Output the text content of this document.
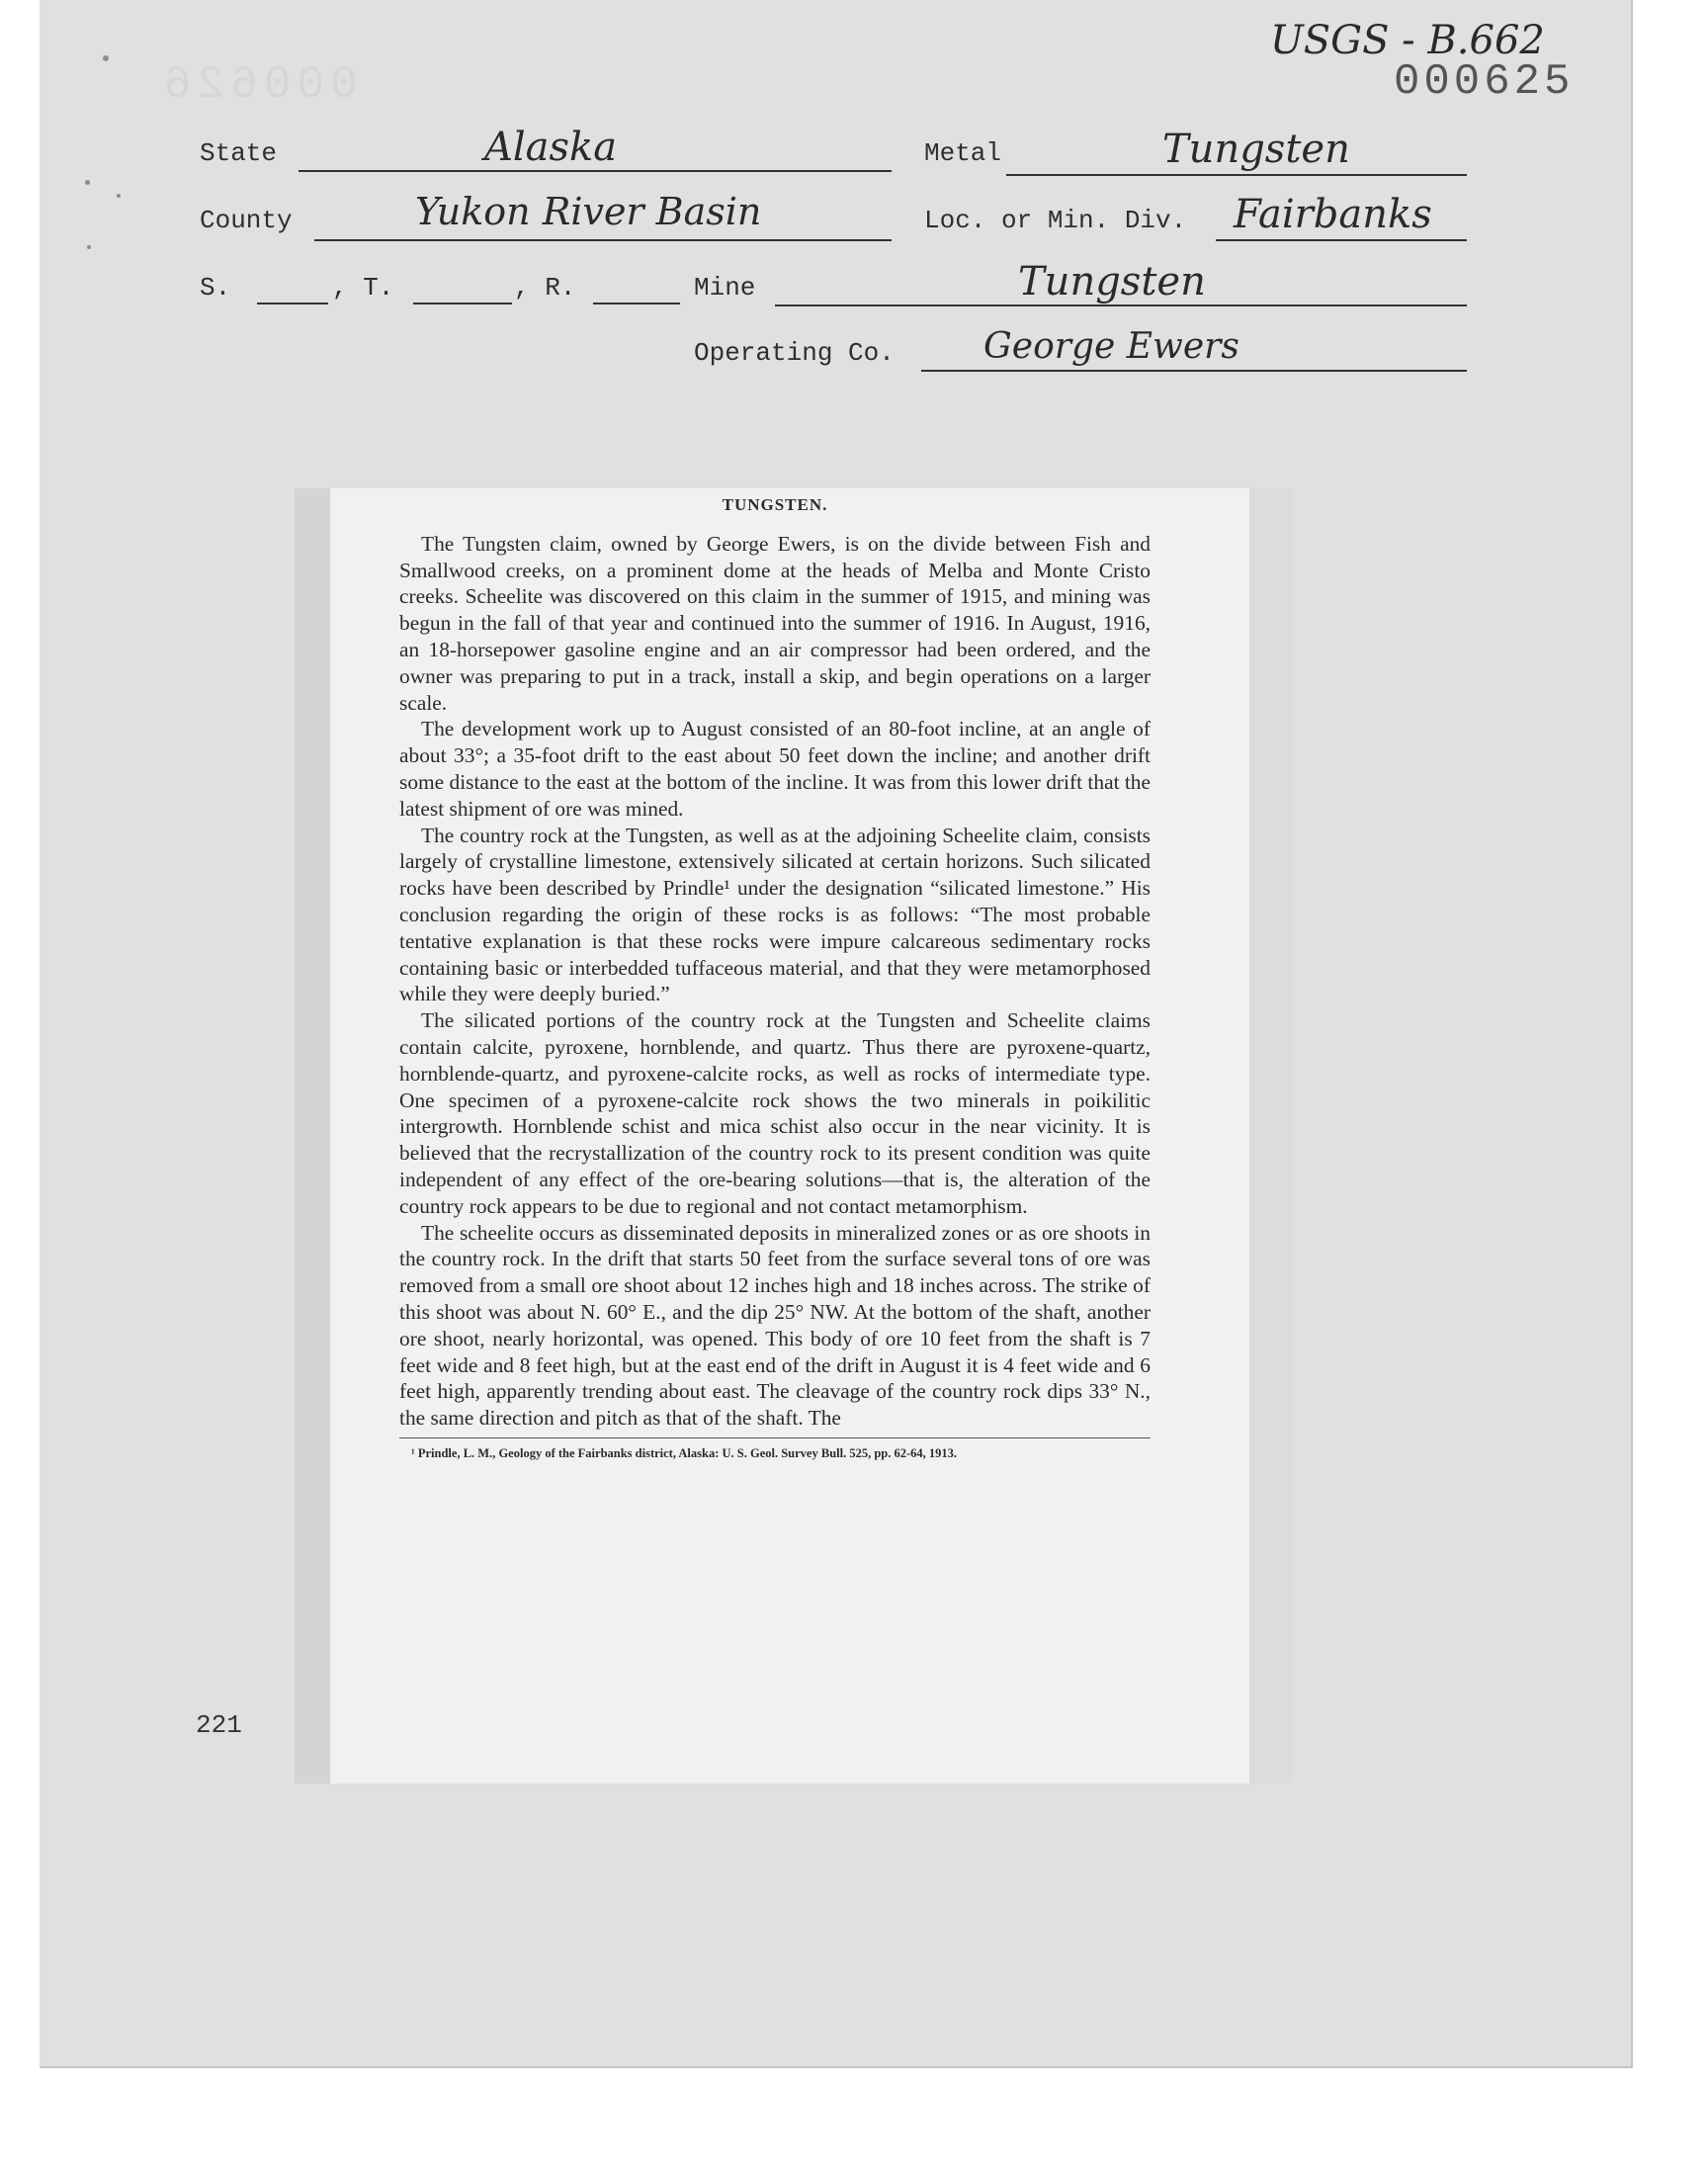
000626
USGS - B.662
000625
State	Alaska	Metal	Tungsten
County	Yukon River Basin	Loc. or Min. Div. Fairbanks
S.	, T.	, R.	Mine	Tungsten
Operating Co.	George Ewers
221
TUNGSTEN.

The Tungsten claim, owned by George Ewers, is on the divide between Fish and Smallwood creeks, on a prominent dome at the heads of Melba and Monte Cristo creeks. Scheelite was discovered on this claim in the summer of 1915, and mining was begun in the fall of that year and continued into the summer of 1916. In August, 1916, an 18-horsepower gasoline engine and an air compressor had been ordered, and the owner was preparing to put in a track, install a skip, and begin operations on a larger scale.

The development work up to August consisted of an 80-foot incline, at an angle of about 33°; a 35-foot drift to the east about 50 feet down the incline; and another drift some distance to the east at the bottom of the incline. It was from this lower drift that the latest shipment of ore was mined.

The country rock at the Tungsten, as well as at the adjoining Scheelite claim, consists largely of crystalline limestone, extensively silicated at certain horizons. Such silicated rocks have been described by Prindle¹ under the designation “silicated limestone.” His conclusion regarding the origin of these rocks is as follows: “The most probable tentative explanation is that these rocks were impure calcareous sedimentary rocks containing basic or interbedded tuffaceous material, and that they were metamorphosed while they were deeply buried.”

The silicated portions of the country rock at the Tungsten and Scheelite claims contain calcite, pyroxene, hornblende, and quartz. Thus there are pyroxene-quartz, hornblende-quartz, and pyroxene-calcite rocks, as well as rocks of intermediate type. One specimen of a pyroxene-calcite rock shows the two minerals in poikilitic intergrowth. Hornblende schist and mica schist also occur in the near vicinity. It is believed that the recrystallization of the country rock to its present condition was quite independent of any effect of the ore-bearing solutions—that is, the alteration of the country rock appears to be due to regional and not contact metamorphism.

The scheelite occurs as disseminated deposits in mineralized zones or as ore shoots in the country rock. In the drift that starts 50 feet from the surface several tons of ore was removed from a small ore shoot about 12 inches high and 18 inches across. The strike of this shoot was about N. 60° E., and the dip 25° NW. At the bottom of the shaft, another ore shoot, nearly horizontal, was opened. This body of ore 10 feet from the shaft is 7 feet wide and 8 feet high, but at the east end of the drift in August it is 4 feet wide and 6 feet high, apparently trending about east. The cleavage of the country rock dips 33° N., the same direction and pitch as that of the shaft. The

¹ Prindle, L. M., Geology of the Fairbanks district, Alaska: U. S. Geol. Survey Bull. 525, pp. 62-64, 1913.
